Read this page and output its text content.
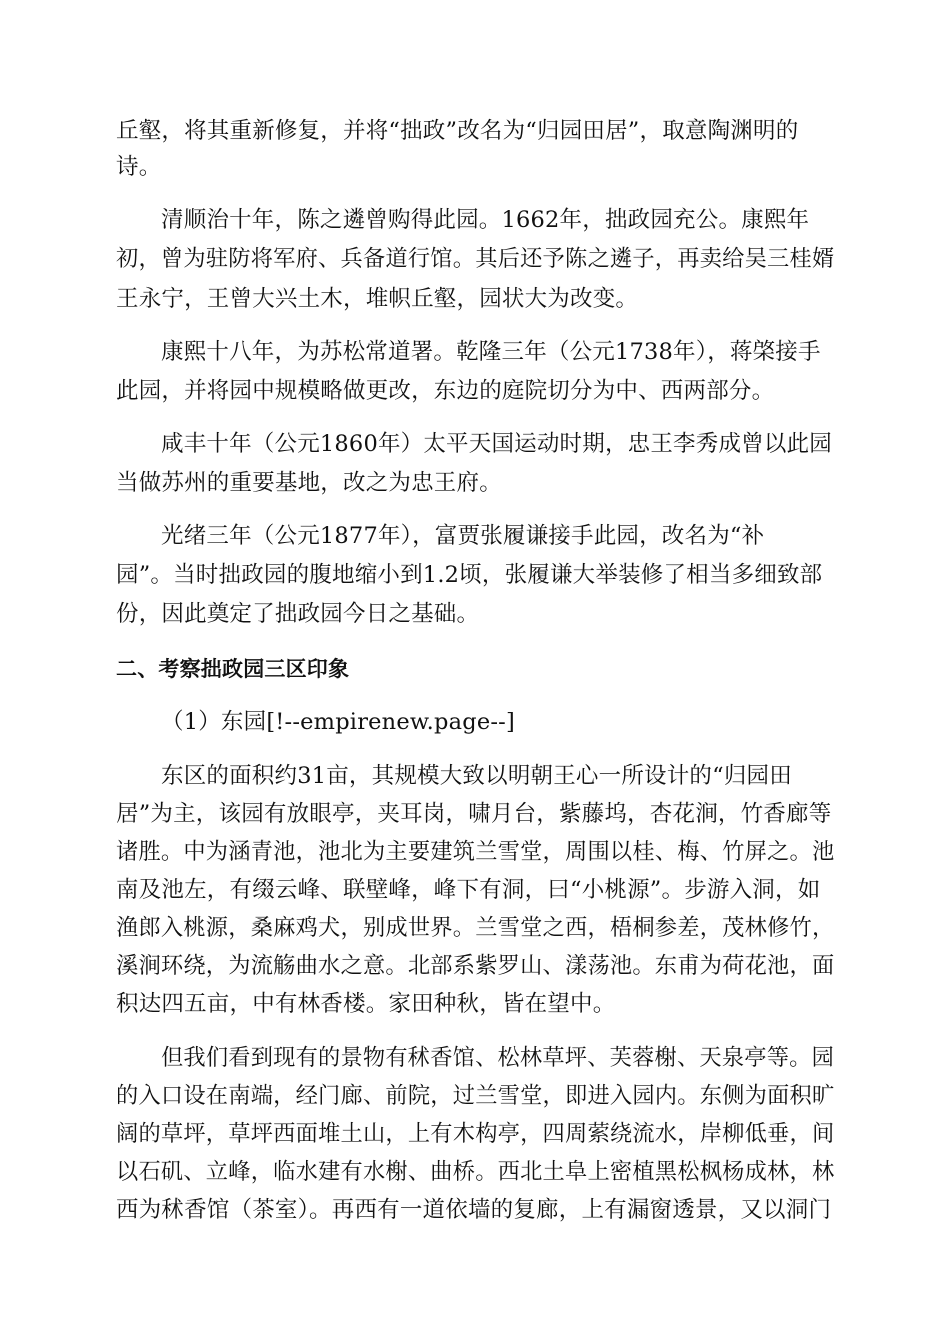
丘壑，将其重新修复，并将“拙政”改名为“归园田居”，取意陶渊明的
诗。
清顺治十年，陈之遴曾购得此园。1662年，拙政园充公。康熙年
初，曾为驻防将军府、兵备道行馆。其后还予陈之遴子，再卖给吴三桂婿
王永宁，王曾大兴土木，堆帜丘壑，园状大为改变。
康熙十八年，为苏松常道署。乾隆三年（公元1738年），蒋棨接手
此园，并将园中规模略做更改，东边的庭院切分为中、西两部分。
咸丰十年（公元1860年）太平天国运动时期，忠王李秀成曾以此园
当做苏州的重要基地，改之为忠王府。
光绪三年（公元1877年），富贾张履谦接手此园，改名为“补
园”。当时拙政园的腹地缩小到1.2顷，张履谦大举装修了相当多细致部
份，因此奠定了拙政园今日之基础。
二、考察拙政园三区印象
（1）东园[!--empirenew.page--]
东区的面积约31亩，其规模大致以明朝王心一所设计的“归园田
居”为主，该园有放眼亭，夹耳岗，啸月台，紫藤坞，杏花涧，竹香廊等
诸胜。中为涵青池，池北为主要建筑兰雪堂，周围以桂、梅、竹屏之。池
南及池左，有缀云峰、联壁峰，峰下有洞，曰“小桃源”。步游入洞，如
渔郎入桃源，桑麻鸡犬，别成世界。兰雪堂之西，梧桐参差，茂林修竹，
溪涧环绕，为流觞曲水之意。北部系紫罗山、漾荡池。东甫为荷花池，面
积达四五亩，中有林香楼。家田种秋，皆在望中。
但我们看到现有的景物有秫香馆、松林草坪、芙蓉榭、天泉亭等。园
的入口设在南端，经门廊、前院，过兰雪堂，即进入园内。东侧为面积旷
阔的草坪，草坪西面堆土山，上有木构亭，四周萦绕流水，岸柳低垂，间
以石矶、立峰，临水建有水榭、曲桥。西北土阜上密植黑松枫杨成林，林
西为秫香馆（茶室）。再西有一道依墙的复廊，上有漏窗透景，又以洞门
